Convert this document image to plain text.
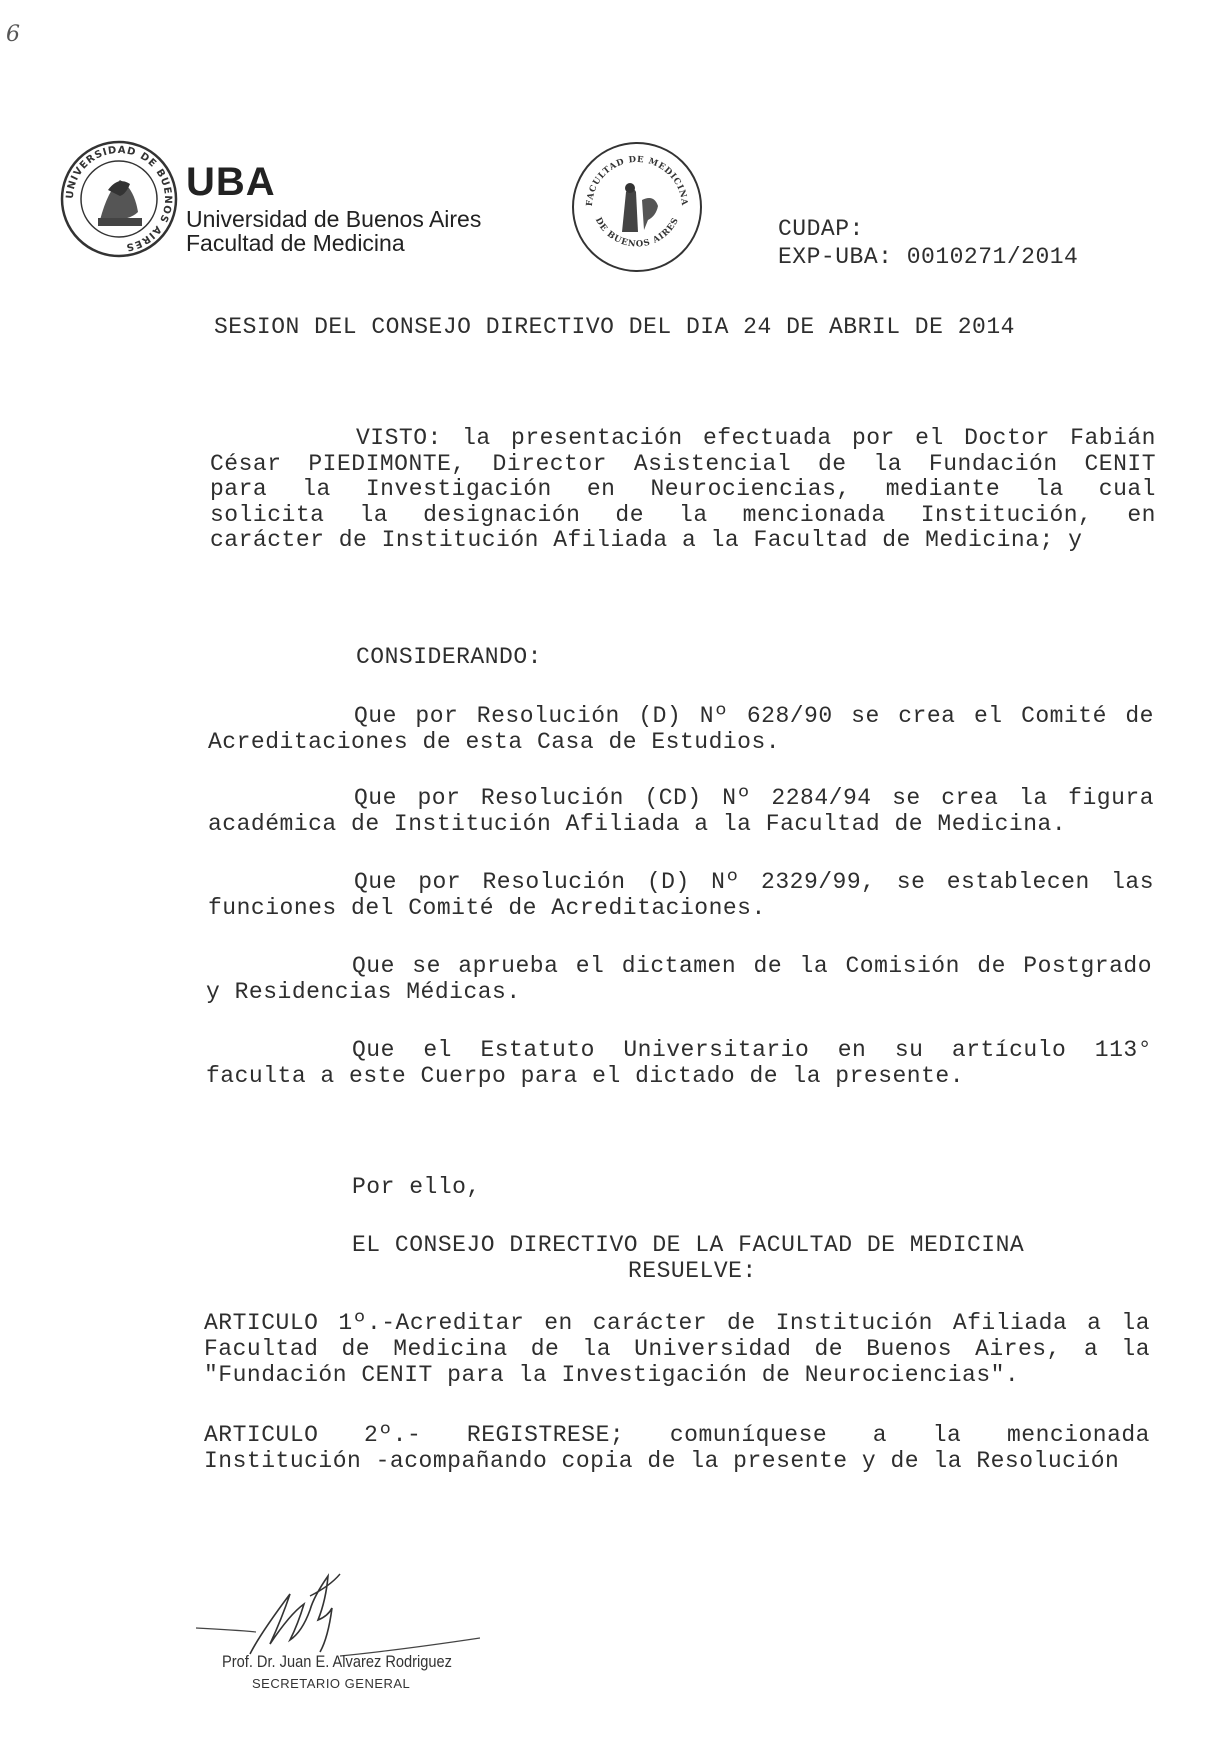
6
UNIVERSIDAD DE BUENOS AIRES
UBA
Universidad de Buenos Aires
Facultad de Medicina
FACULTAD DE MEDICINA
DE BUENOS AIRES	CUDAP:
EXP-UBA: 0010271/2014
SESION DEL CONSEJO DIRECTIVO DEL DIA 24 DE ABRIL DE 2014
VISTO: la presentación efectuada por el Doctor Fabián
César PIEDIMONTE, Director Asistencial de la Fundación CENIT
para la Investigación en Neurociencias, mediante la cual
solicita la designación de la mencionada Institución, en
carácter de Institución Afiliada a la Facultad de Medicina; y
CONSIDERANDO:
Que por Resolución (D) Nº 628/90 se crea el Comité de
Acreditaciones de esta Casa de Estudios.
Que por Resolución (CD) Nº 2284/94 se crea la figura
académica de Institución Afiliada a la Facultad de Medicina.
Que por Resolución (D) Nº 2329/99, se establecen las
funciones del Comité de Acreditaciones.
Que se aprueba el dictamen de la Comisión de Postgrado
y Residencias Médicas.
Que el Estatuto Universitario en su artículo 113°
faculta a este Cuerpo para el dictado de la presente.
Por ello,
EL CONSEJO DIRECTIVO DE LA FACULTAD DE MEDICINA
RESUELVE:
ARTICULO 1º.-Acreditar en carácter de Institución Afiliada a la
Facultad de Medicina de la Universidad de Buenos Aires, a la
"Fundación CENIT para la Investigación de Neurociencias".
ARTICULO 2º.- REGISTRESE; comuníquese a la mencionada
Institución -acompañando copia de la presente y de la Resolución
Prof. Dr. Juan E. Alvarez Rodriguez
SECRETARIO GENERAL
